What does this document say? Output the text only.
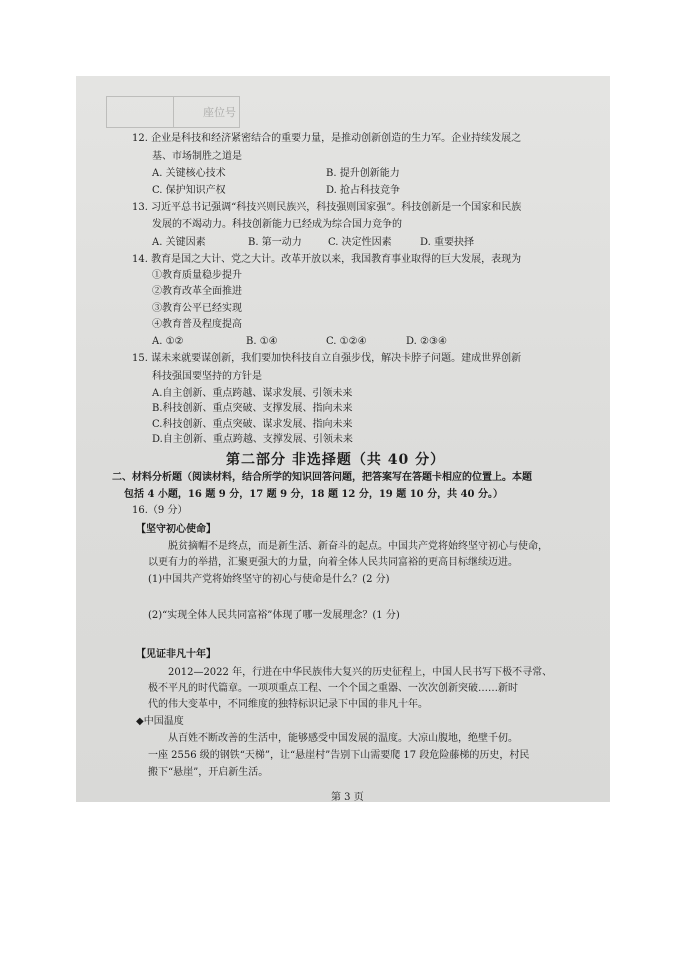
座位号
12. 企业是科技和经济紧密结合的重要力量，是推动创新创造的生力军。企业持续发展之
基、市场制胜之道是
A. 关键核心技术	B. 提升创新能力
C. 保护知识产权	D. 抢占科技竞争
13. 习近平总书记强调“科技兴则民族兴，科技强则国家强”。科技创新是一个国家和民族
发展的不竭动力。科技创新能力已经成为综合国力竞争的
A. 关键因素	B. 第一动力	C. 决定性因素	D. 重要抉择
14. 教育是国之大计、党之大计。改革开放以来，我国教育事业取得的巨大发展，表现为
①教育质量稳步提升
②教育改革全面推进
③教育公平已经实现
④教育普及程度提高
A. ①②	B. ①④	C. ①②④	D. ②③④
15. 谋未来就要谋创新，我们要加快科技自立自强步伐，解决卡脖子问题。建成世界创新
科技强国要坚持的方针是
A.自主创新、重点跨越、谋求发展、引领未来
B.科技创新、重点突破、支撑发展、指向未来
C.科技创新、重点突破、谋求发展、指向未来
D.自主创新、重点跨越、支撑发展、引领未来
第二部分 非选择题（共 40 分）
二、材料分析题（阅读材料，结合所学的知识回答问题，把答案写在答题卡相应的位置上。本题
包括 4 小题，16 题 9 分，17 题 9 分，18 题 12 分，19 题 10 分，共 40 分。）
16.（9 分）
【坚守初心使命】
脱贫摘帽不是终点，而是新生活、新奋斗的起点。中国共产党将始终坚守初心与使命，
以更有力的举措，汇聚更强大的力量，向着全体人民共同富裕的更高目标继续迈进。
(1)中国共产党将始终坚守的初心与使命是什么？(2 分)
(2)“实现全体人民共同富裕”体现了哪一发展理念？(1 分)
【见证非凡十年】
2012—2022 年，行进在中华民族伟大复兴的历史征程上，中国人民书写下极不寻常、
极不平凡的时代篇章。一项项重点工程、一个个国之重器、一次次创新突破……新时
代的伟大变革中，不同维度的独特标识记录下中国的非凡十年。
◆中国温度
从百姓不断改善的生活中，能够感受中国发展的温度。大凉山腹地，绝壁千仞。
一座 2556 级的钢铁“天梯”，让“悬崖村”告别下山需要爬 17 段危险藤梯的历史，村民
搬下“悬崖”，开启新生活。
第 3 页
